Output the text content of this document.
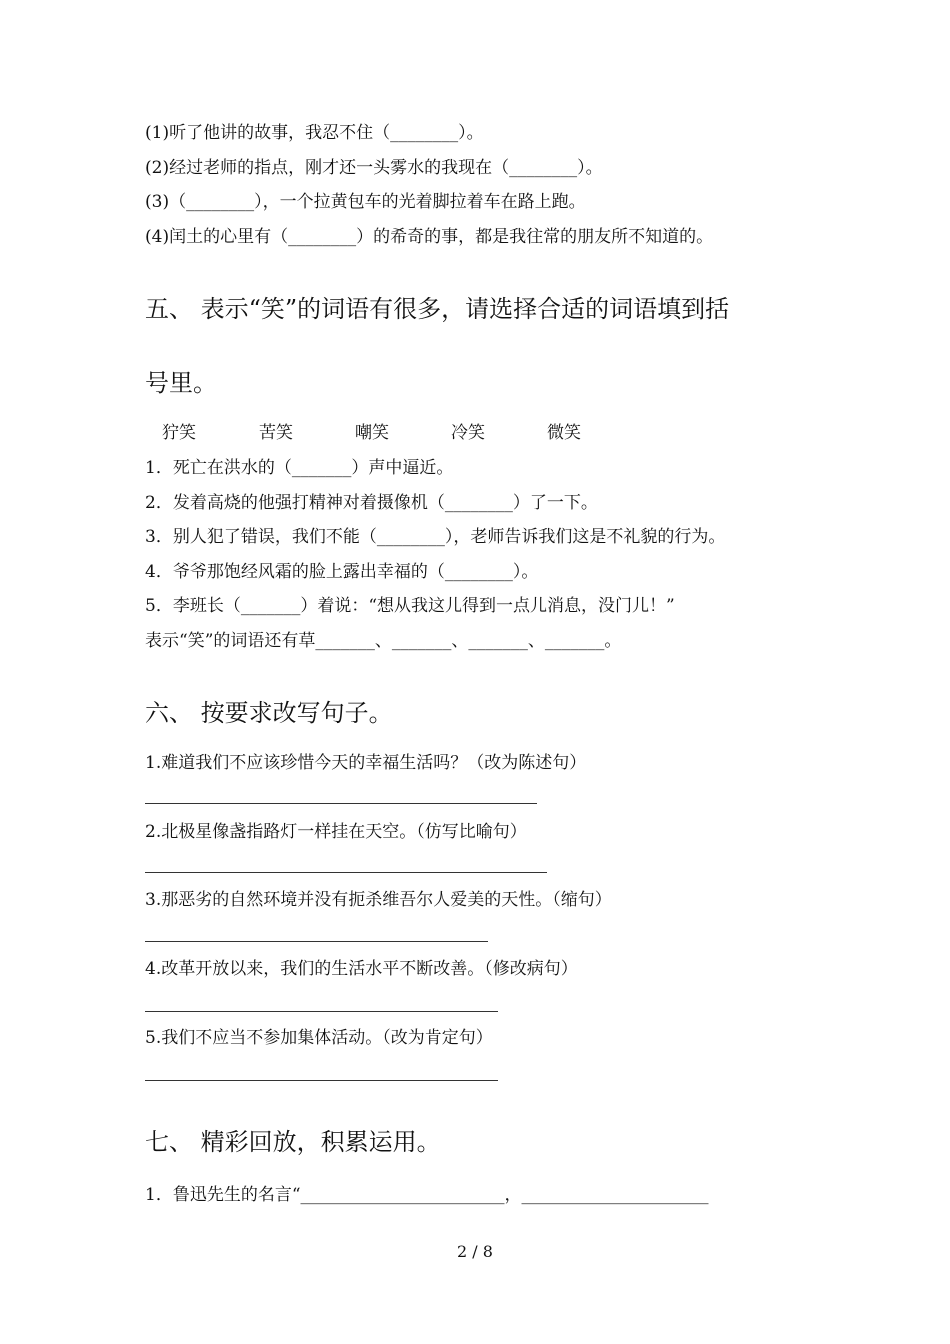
(1)听了他讲的故事，我忍不住（________）。
(2)经过老师的指点，刚才还一头雾水的我现在（________）。
(3)（________），一个拉黄包车的光着脚拉着车在路上跑。
(4)闰土的心里有（________）的希奇的事，都是我往常的朋友所不知道的。
五、 表示“笑”的词语有很多，请选择合适的词语填到括
号里。
狞笑	苦笑	嘲笑	冷笑	微笑
1．死亡在洪水的（_______）声中逼近。
2．发着高烧的他强打精神对着摄像机（________）了一下。
3．别人犯了错误，我们不能（________），老师告诉我们这是不礼貌的行为。
4．爷爷那饱经风霜的脸上露出幸福的（________）。
5．李班长（_______）着说：“想从我这儿得到一点儿消息，没门儿！”
表示“笑”的词语还有草_______、_______、_______、_______。
六、 按要求改写句子。
1.难道我们不应该珍惜今天的幸福生活吗？（改为陈述句）
2.北极星像盏指路灯一样挂在天空。（仿写比喻句）
3.那恶劣的自然环境并没有扼杀维吾尔人爱美的天性。（缩句）
4.改革开放以来，我们的生活水平不断改善。（修改病句）
5.我们不应当不参加集体活动。（改为肯定句）
七、 精彩回放，积累运用。
1．鲁迅先生的名言“________________________，______________________
2 / 8
